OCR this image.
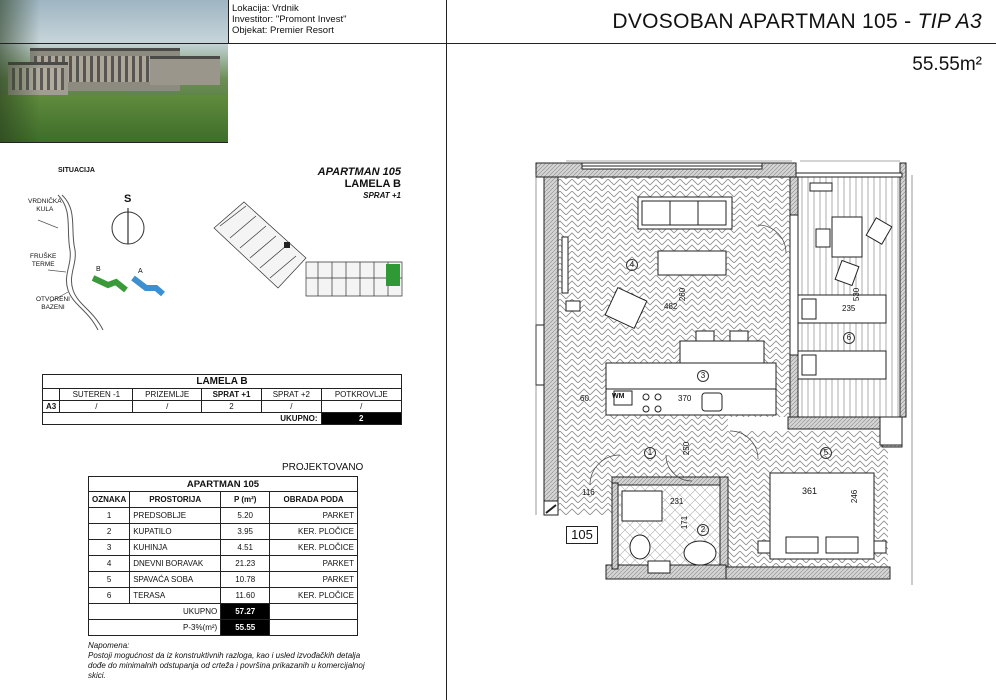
Lokacija: Vrdnik
Investitor: "Promont Invest"
Objekat: Premier Resort	DVOSOBAN APARTMAN 105 - TIP A3
55.55m²
SITUACIJA
S
VRDNIČKA
KULA
FRUŠKE
TERME
OTVORENI
BAZENI
B	A
APARTMAN 105
LAMELA B
SPRAT +1
LAMELA B					
	SUTEREN -1	PRIZEMLJE	SPRAT +1	SPRAT +2	POTKROVLJE
A3	/	/	2	/	/
UKUPNO:					2
PROJEKTOVANO
APARTMAN 105			
OZNAKA	PROSTORIJA	P (m²)	OBRADA PODA
1	PREDSOBLJE	5.20	PARKET
2	KUPATILO	3.95	KER. PLOČICE
3	KUHINJA	4.51	KER. PLOČICE
4	DNEVNI BORAVAK	21.23	PARKET
5	SPAVAĆA SOBA	10.78	PARKET
6	TERASA	11.60	KER. PLOČICE
UKUPNO		57.27	
P-3%(m²)		55.55	
Napomena:
Postoji mogućnost da iz konstruktivnih razloga, kao i usled izvođačkih detalja dođe do minimalnih odstupanja od crteža i površina prikazanih u komercijalnoj skici.
4
3
1
2
5
6
482	235
530
260
370
60	WM
116
231
171
361	246
250
105
